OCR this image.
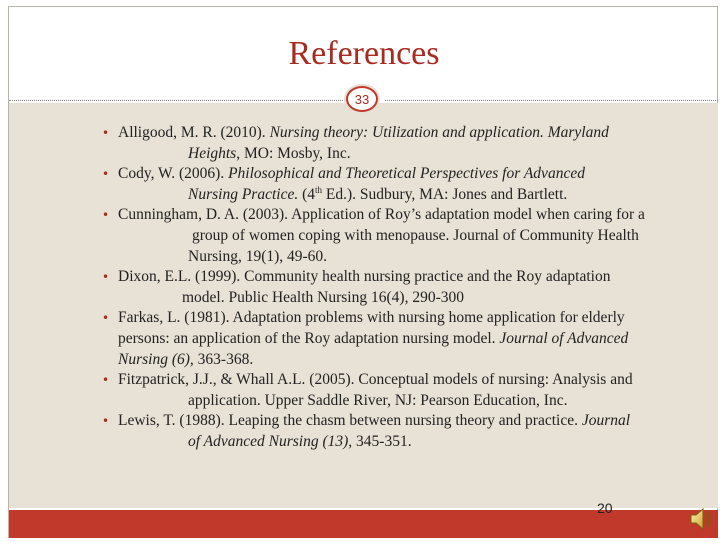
References
33
• Alligood, M. R. (2010). Nursing theory: Utilization and application. Maryland
Heights, MO: Mosby, Inc.
• Cody, W. (2006). Philosophical and Theoretical Perspectives for Advanced
Nursing Practice. (4th Ed.). Sudbury, MA: Jones and Bartlett.
• Cunningham, D. A. (2003). Application of Roy’s adaptation model when caring for a
group of women coping with menopause. Journal of Community Health
Nursing, 19(1), 49-60.
• Dixon, E.L. (1999). Community health nursing practice and the Roy adaptation
model. Public Health Nursing 16(4), 290-300
• Farkas, L. (1981). Adaptation problems with nursing home application for elderly
persons: an application of the Roy adaptation nursing model. Journal of Advanced
Nursing (6), 363-368.
• Fitzpatrick, J.J., & Whall A.L. (2005). Conceptual models of nursing: Analysis and
application. Upper Saddle River, NJ: Pearson Education, Inc.
• Lewis, T. (1988). Leaping the chasm between nursing theory and practice. Journal
of Advanced Nursing (13), 345-351.
20
